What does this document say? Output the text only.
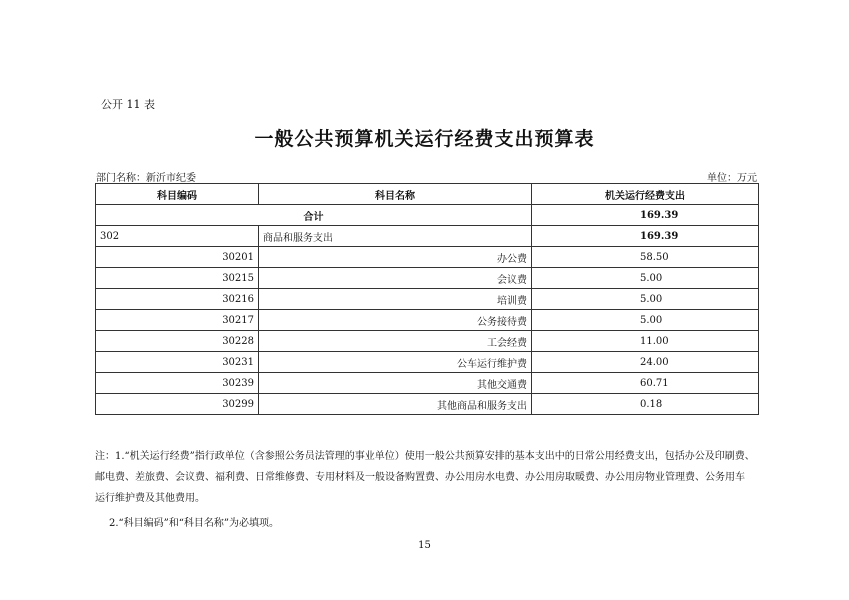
公开 11 表
一般公共预算机关运行经费支出预算表
部门名称：新沂市纪委	单位：万元
科目编码	科目名称	机关运行经费支出
合计		169.39
302	商品和服务支出	169.39
30201	办公费	58.50
30215	会议费	5.00
30216	培训费	5.00
30217	公务接待费	5.00
30228	工会经费	11.00
30231	公车运行维护费	24.00
30239	其他交通费	60.71
30299	其他商品和服务支出	0.18

注：1.“机关运行经费”指行政单位（含参照公务员法管理的事业单位）使用一般公共预算安排的基本支出中的日常公用经费支出，包括办公及印刷费、

邮电费、差旅费、会议费、福利费、日常维修费、专用材料及一般设备购置费、办公用房水电费、办公用房取暖费、办公用房物业管理费、公务用车

运行维护费及其他费用。

2.“科目编码”和“科目名称”为必填项。

15
